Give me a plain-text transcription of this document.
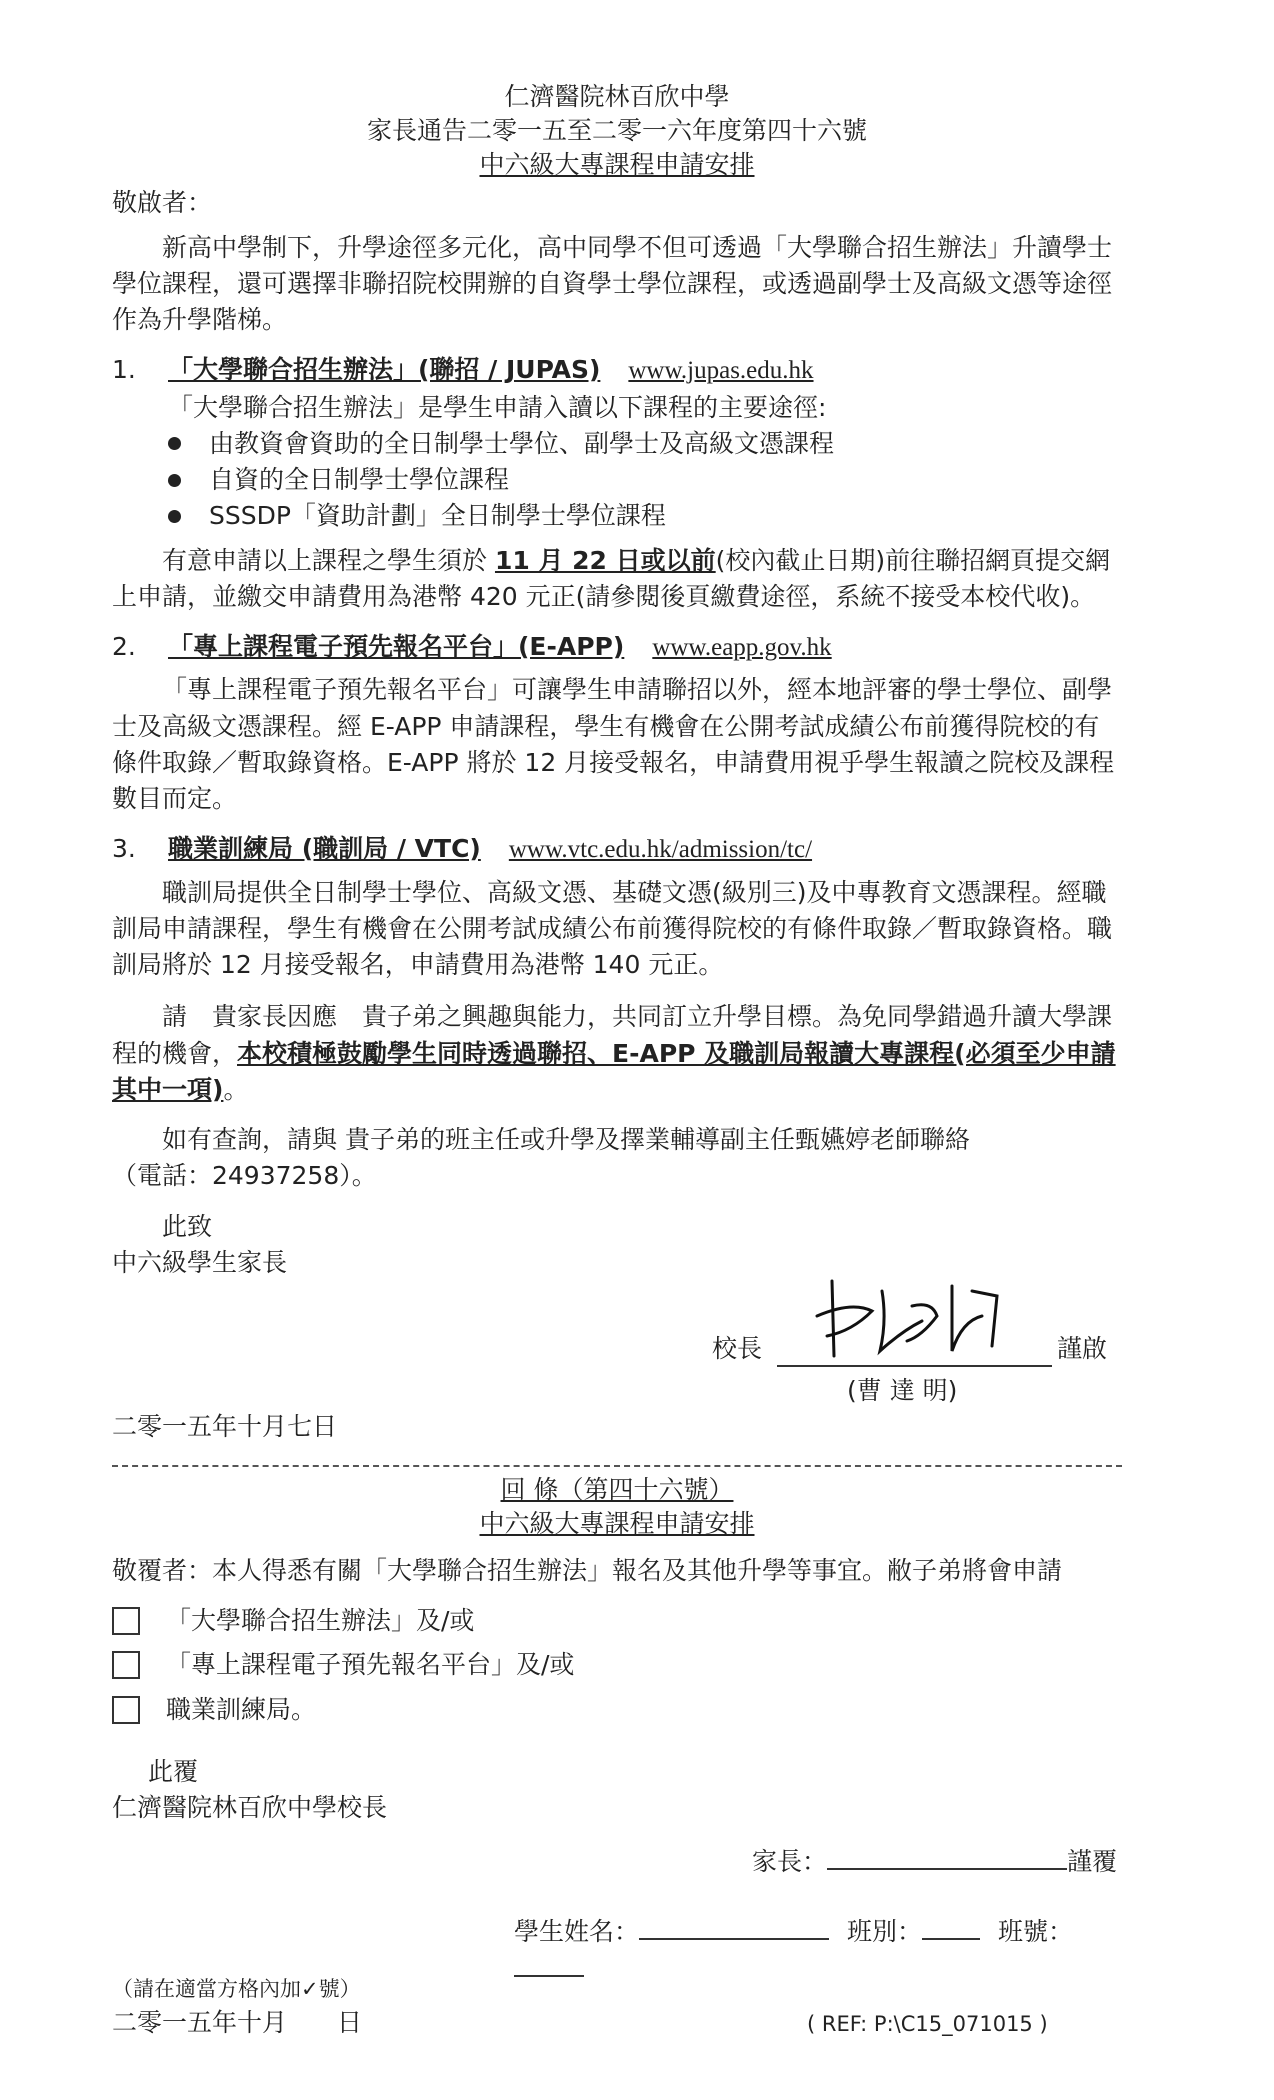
仁濟醫院林百欣中學
家長通告二零一五至二零一六年度第四十六號
中六級大專課程申請安排

敬啟者：

新高中學制下，升學途徑多元化，高中同學不但可透過「大學聯合招生辦法」升讀學士學位課程，還可選擇非聯招院校開辦的自資學士學位課程，或透過副學士及高級文憑等途徑作為升學階梯。

1.	「大學聯合招生辦法」(聯招 / JUPAS) www.jupas.edu.hk

「大學聯合招生辦法」是學生申請入讀以下課程的主要途徑:

由教資會資助的全日制學士學位、副學士及高級文憑課程
自資的全日制學士學位課程
SSSDP「資助計劃」全日制學士學位課程

有意申請以上課程之學生須於 11 月 22 日或以前(校內截止日期)前往聯招網頁提交網上申請，並繳交申請費用為港幣 420 元正(請參閱後頁繳費途徑，系統不接受本校代收)。

2.	「專上課程電子預先報名平台」(E-APP) www.eapp.gov.hk

「專上課程電子預先報名平台」可讓學生申請聯招以外，經本地評審的學士學位、副學士及高級文憑課程。經 E-APP 申請課程，學生有機會在公開考試成績公布前獲得院校的有條件取錄／暫取錄資格。E-APP 將於 12 月接受報名，申請費用視乎學生報讀之院校及課程數目而定。

3.	職業訓練局 (職訓局 / VTC) www.vtc.edu.hk/admission/tc/

職訓局提供全日制學士學位、高級文憑、基礎文憑(級別三)及中專教育文憑課程。經職訓局申請課程，學生有機會在公開考試成績公布前獲得院校的有條件取錄／暫取錄資格。職訓局將於 12 月接受報名，申請費用為港幣 140 元正。

請　貴家長因應　貴子弟之興趣與能力，共同訂立升學目標。為免同學錯過升讀大學課程的機會，本校積極鼓勵學生同時透過聯招、E-APP 及職訓局報讀大專課程(必須至少申請其中一項)。

如有查詢，請與 貴子弟的班主任或升學及擇業輔導副主任甄嬿婷老師聯絡

（電話：24937258）。

此致

中六級學生家長

校長	謹啟
(曹 達 明)

二零一五年十月七日

回 條（第四十六號）
中六級大專課程申請安排

敬覆者：本人得悉有關「大學聯合招生辦法」報名及其他升學等事宜。敝子弟將會申請

「大學聯合招生辦法」及/或
「專上課程電子預先報名平台」及/或
職業訓練局。

此覆

仁濟醫院林百欣中學校長

家長：	謹覆
學生姓名：	班別：	班號：

（請在適當方格內加✓號）

二零一五年十月　　日	( REF: P:\C15_071015 )
